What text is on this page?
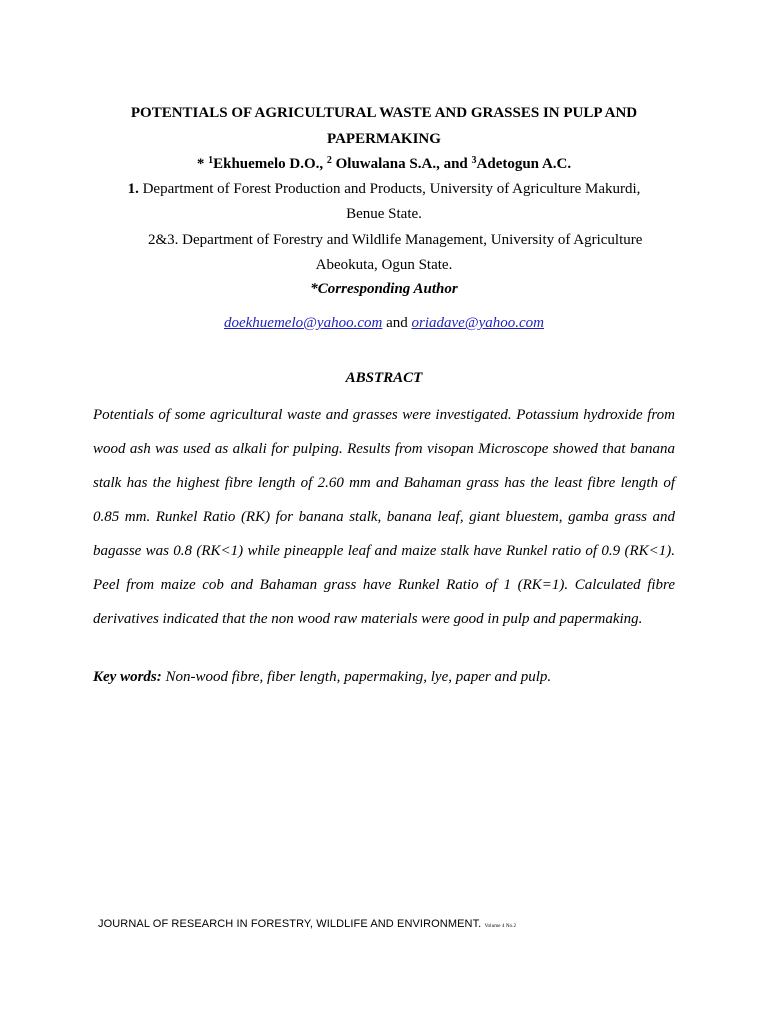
POTENTIALS OF AGRICULTURAL WASTE AND GRASSES IN PULP AND
PAPERMAKING
* $^1$Ekhuemelo D.O., $^2$ Oluwalana S.A., and $^3$Adetogun A.C.
1. Department of Forest Production and Products, University of Agriculture Makurdi,
Benue State.
2&3. Department of Forestry and Wildlife Management, University of Agriculture
Abeokuta, Ogun State.
*Corresponding Author
doekhuemelo@yahoo.com and oriadave@yahoo.com
ABSTRACT

Potentials of some agricultural waste and grasses were investigated. Potassium hydroxide from wood ash was used as alkali for pulping. Results from visopan Microscope showed that banana stalk has the highest fibre length of 2.60 mm and Bahaman grass has the least fibre length of 0.85 mm. Runkel Ratio (RK) for banana stalk, banana leaf, giant bluestem, gamba grass and bagasse was 0.8 (RK<1) while pineapple leaf and maize stalk have Runkel ratio of 0.9 (RK<1). Peel from maize cob and Bahaman grass have Runkel Ratio of 1 (RK=1). Calculated fibre derivatives indicated that the non wood raw materials were good in pulp and papermaking.

Key words: Non-wood fibre, fiber length, papermaking, lye, paper and pulp.
JOURNAL OF RESEARCH IN FORESTRY, WILDLIFE AND ENVIRONMENT. Volume 4 No.2
